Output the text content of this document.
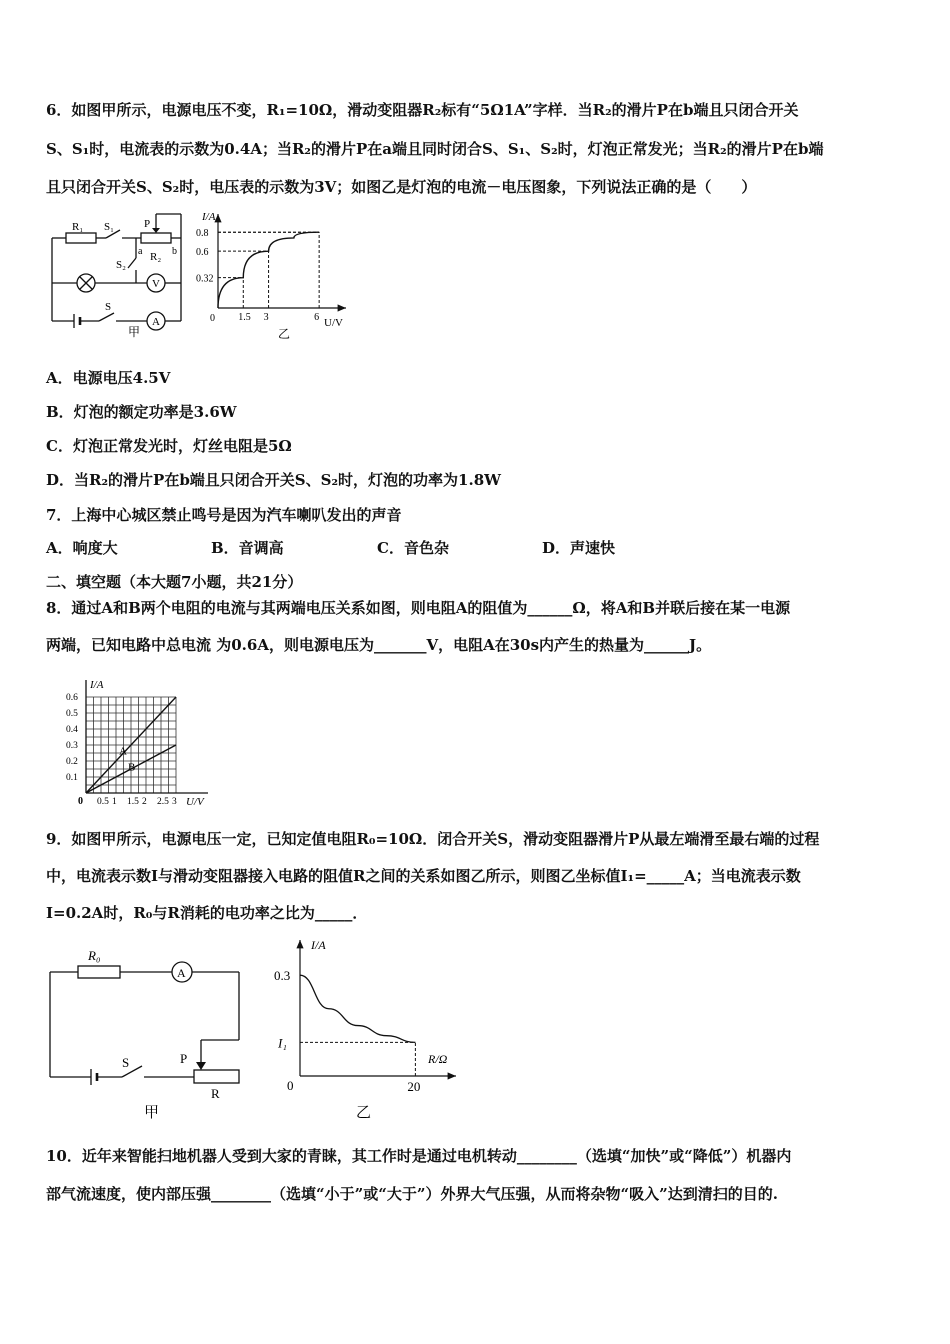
6．如图甲所示，电源电压不变，R₁=10Ω，滑动变阻器R₂标有“5Ω1A”字样．当R₂的滑片P在b端且只闭合开关
S、S₁时，电流表的示数为0.4A；当R₂的滑片P在a端且同时闭合S、S₁、S₂时，灯泡正常发光；当R₂的滑片P在b端
且只闭合开关S、S₂时，电压表的示数为3V；如图乙是灯泡的电流－电压图象，下列说法正确的是（　　）
R₁ S₁	P
a	b
S₂
R₂
V
A
S
甲
I/A
U/V
0
乙
0.32
0.6
0.8
1.5 3	6
A．电源电压4.5V
B．灯泡的额定功率是3.6W
C．灯泡正常发光时，灯丝电阻是5Ω
D．当R₂的滑片P在b端且只闭合开关S、S₂时，灯泡的功率为1.8W
7．上海中心城区禁止鸣号是因为汽车喇叭发出的声音
A．响度大	B．音调高	C．音色杂	D．声速快
二、填空题（本大题7小题，共21分）
8．通过A和B两个电阻的电流与其两端电压关系如图，则电阻A的阻值为______Ω，将A和B并联后接在某一电源
两端，已知电路中总电流 为0.6A，则电源电压为_______V，电阻A在30s内产生的热量为______J。
I/A
U/V
0
0.1
0.2
0.3
0.4
0.5
0.6
0.5 1 1.5 2 2.5 3
A
B
9．如图甲所示，电源电压一定，已知定值电阻R₀=10Ω．闭合开关S，滑动变阻器滑片P从最左端滑至最右端的过程
中，电流表示数I与滑动变阻器接入电路的阻值R之间的关系如图乙所示，则图乙坐标值I₁=_____A；当电流表示数
I=0.2A时，R₀与R消耗的电功率之比为_____．
R₀
A
S	P
R
甲
I/A
R/Ω
0
乙
0.3
I₁
20
10．近年来智能扫地机器人受到大家的青睐，其工作时是通过电机转动________（选填“加快”或“降低”）机器内
部气流速度，使内部压强________（选填“小于”或“大于”）外界大气压强，从而将杂物“吸入”达到清扫的目的.
